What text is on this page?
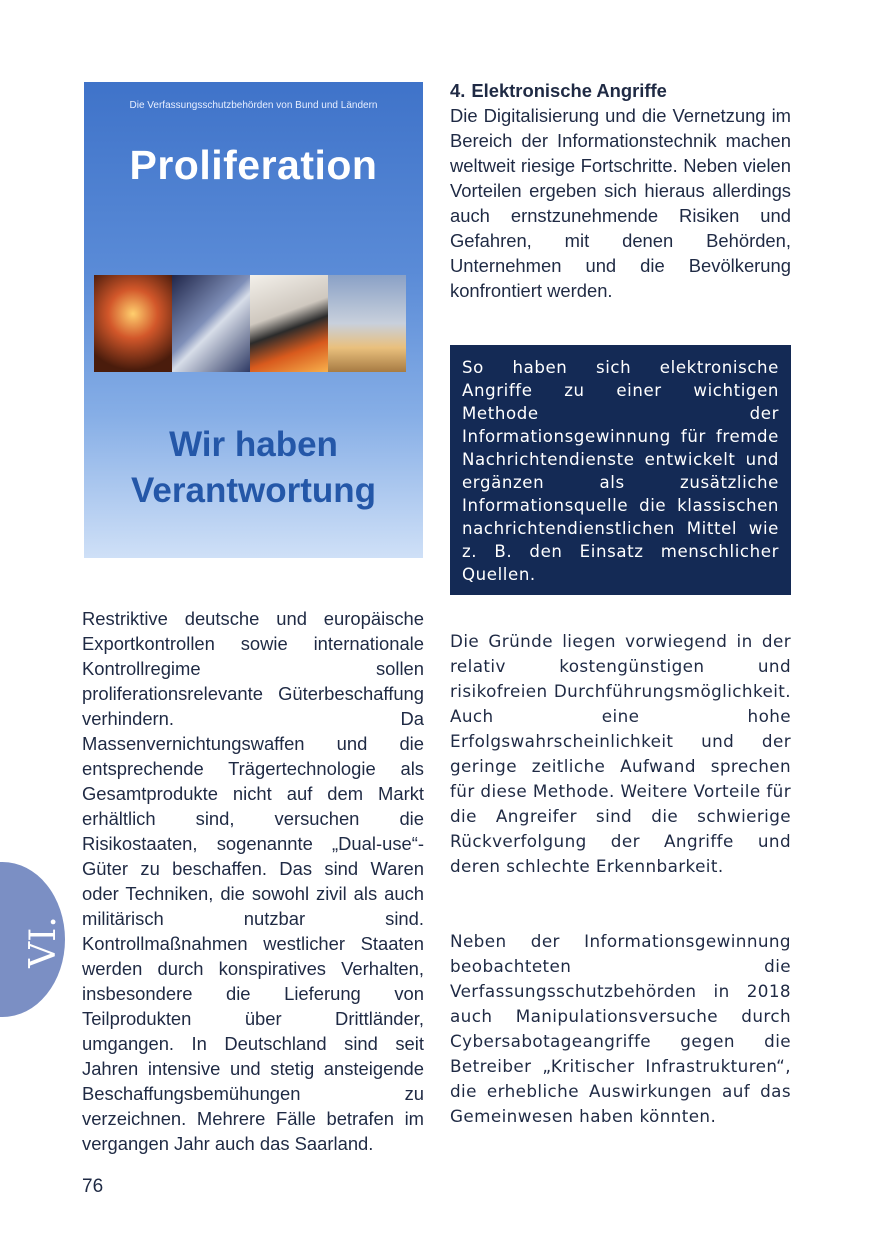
Die Verfassungsschutzbehörden von Bund und Ländern
Proliferation
Wir haben
Verantwortung
Restriktive deutsche und europäische Exportkontrollen sowie internationale Kontrollregime sollen proliferationsrelevante Güterbeschaffung verhindern. Da Massenvernichtungswaffen und die entsprechende Trägertechnologie als Gesamtprodukte nicht auf dem Markt erhältlich sind, versuchen die Risikostaaten, sogenannte „Dual-use“-Güter zu beschaffen. Das sind Waren oder Techniken, die sowohl zivil als auch militärisch nutzbar sind. Kontrollmaßnahmen westlicher Staaten werden durch konspiratives Verhalten, insbesondere die Lieferung von Teilprodukten über Drittländer, umgangen. In Deutschland sind seit Jahren intensive und stetig ansteigende Beschaffungsbemühungen zu verzeichnen. Mehrere Fälle betrafen im vergangen Jahr auch das Saarland.

4. Elektronische Angriffe

Die Digitalisierung und die Vernetzung im Bereich der Informationstechnik machen weltweit riesige Fortschritte. Neben vielen Vorteilen ergeben sich hieraus allerdings auch ernstzunehmende Risiken und Gefahren, mit denen Behörden, Unternehmen und die Bevölkerung konfrontiert werden.

So haben sich elektronische Angriffe zu einer wichtigen Methode der Informationsgewinnung für fremde Nachrichtendienste entwickelt und ergänzen als zusätzliche Informationsquelle die klassischen nachrichtendienstlichen Mittel wie z. B. den Einsatz menschlicher Quellen.
Die Gründe liegen vorwiegend in der relativ kostengünstigen und risikofreien Durchführungsmöglichkeit. Auch eine hohe Erfolgswahrscheinlichkeit und der geringe zeitliche Aufwand sprechen für diese Methode. Weitere Vorteile für die Angreifer sind die schwierige Rückverfolgung der Angriffe und deren schlechte Erkennbarkeit.
Neben der Informationsgewinnung beobachteten die Verfassungsschutzbehörden in 2018 auch Manipulationsversuche durch Cybersabotageangriffe gegen die Betreiber „Kritischer Infrastrukturen“, die erhebliche Auswirkungen auf das Gemeinwesen haben könnten.
VI.
76
